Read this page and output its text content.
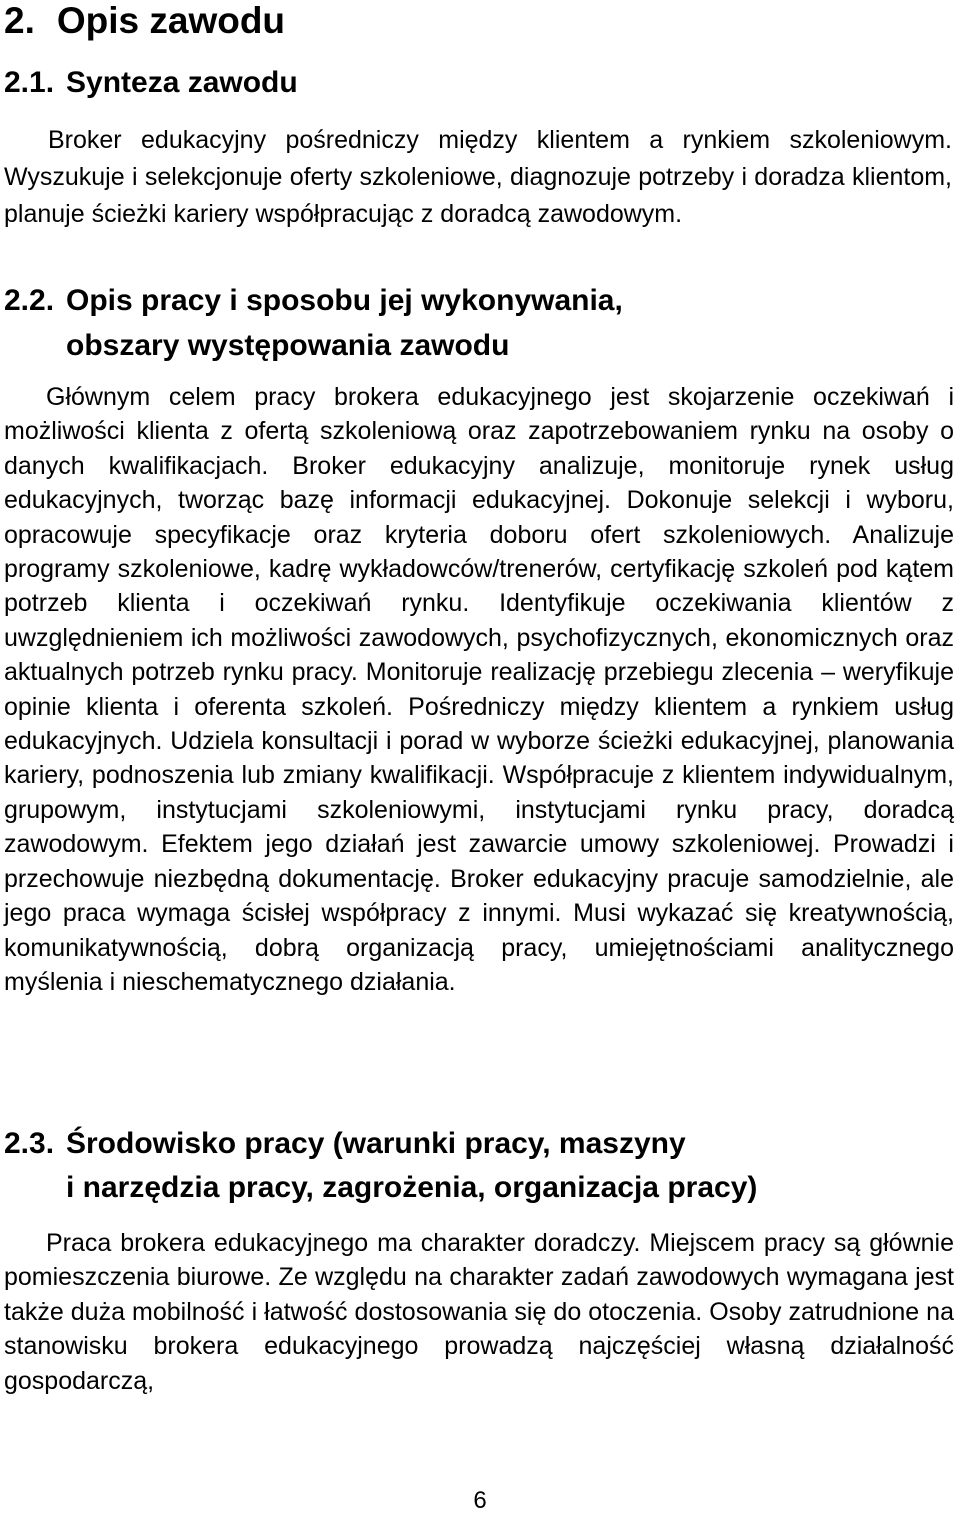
2. Opis zawodu
2.1. Synteza zawodu

Broker edukacyjny pośredniczy między klientem a rynkiem szkoleniowym. Wyszukuje i selekcjonuje oferty szkoleniowe, diagnozuje potrzeby i doradza klientom, planuje ścieżki kariery współpracując z doradcą zawodowym.

2.2. Opis pracy i sposobu jej wykonywania,
obszary występowania zawodu

Głównym celem pracy brokera edukacyjnego jest skojarzenie oczekiwań i możliwości klienta z ofertą szkoleniową oraz zapotrzebowaniem rynku na osoby o danych kwalifikacjach. Broker edukacyjny analizuje, monitoruje rynek usług edukacyjnych, tworząc bazę informacji edukacyjnej. Dokonuje selekcji i wyboru, opracowuje specyfikacje oraz kryteria doboru ofert szkoleniowych. Analizuje programy szkoleniowe, kadrę wykładowców/trenerów, certyfikację szkoleń pod kątem potrzeb klienta i oczekiwań rynku. Identyfikuje oczekiwania klientów z uwzględnieniem ich możliwości zawodowych, psychofizycznych, ekonomicznych oraz aktualnych potrzeb rynku pracy. Monitoruje realizację przebiegu zlecenia – weryfikuje opinie klienta i oferenta szkoleń. Pośredniczy między klientem a rynkiem usług edukacyjnych. Udziela konsultacji i porad w wyborze ścieżki edukacyjnej, planowania kariery, podnoszenia lub zmiany kwalifikacji. Współpracuje z klientem indywidualnym, grupowym, instytucjami szkoleniowymi, instytucjami rynku pracy, doradcą zawodowym. Efektem jego działań jest zawarcie umowy szkoleniowej. Prowadzi i przechowuje niezbędną dokumentację. Broker edukacyjny pracuje samodzielnie, ale jego praca wymaga ścisłej współpracy z innymi. Musi wykazać się kreatywnością, komunikatywnością, dobrą organizacją pracy, umiejętnościami analitycznego myślenia i nieschematycznego działania.

2.3. Środowisko pracy (warunki pracy, maszyny
i narzędzia pracy, zagrożenia, organizacja pracy)

Praca brokera edukacyjnego ma charakter doradczy. Miejscem pracy są głównie pomieszczenia biurowe. Ze względu na charakter zadań zawodowych wymagana jest także duża mobilność i łatwość dostosowania się do otoczenia. Osoby zatrudnione na stanowisku brokera edukacyjnego prowadzą najczęściej własną działalność gospodarczą,

6
